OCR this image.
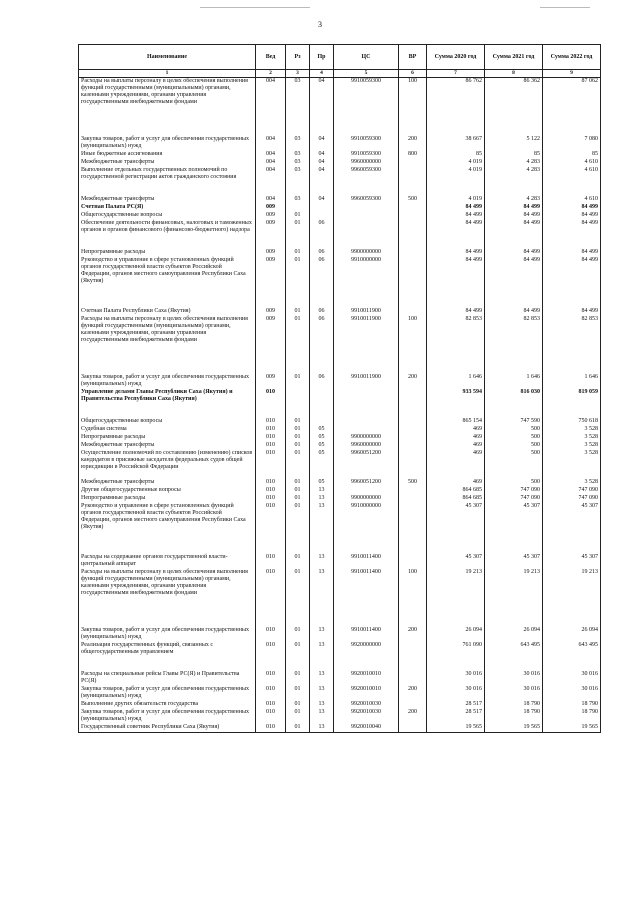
3
Наименование	Вед	Рз	Пр	ЦС	ВР	Сумма 2020 год	Сумма 2021 год	Сумма 2022 год
1	2	3	4	5	6	7	8	9
Расходы на выплаты персоналу в целях обеспечения выполнения функций государственными (муниципальными) органами, казенными учреждениями, органами управления государственными внебюджетными фондами	004	03	04	9910059300	100	86 762	86 362	87 062
Закупка товаров, работ и услуг для обеспечения государственных (муниципальных) нужд	004	03	04	9910059300	200	38 667	5 122	7 080
Иные бюджетные ассигнования	004	03	04	9910059300	800	85	85	85
Межбюджетные трансферты	004	03	04	9960000000		4 019	4 283	4 610
Выполнение отдельных государственных полномочий по государственной регистрации актов гражданского состояния	004	03	04	9960059300		4 019	4 283	4 610
Межбюджетные трансферты	004	03	04	9960059300	500	4 019	4 283	4 610
Счетная Палата РС(Я)	009					84 499	84 499	84 499
Общегосударственные вопросы	009	01				84 499	84 499	84 499
Обеспечение деятельности финансовых, налоговых и таможенных органов и органов финансового (финансово-бюджетного) надзора	009	01	06			84 499	84 499	84 499
Непрограммные расходы	009	01	06	9900000000		84 499	84 499	84 499
Руководство и управление в сфере установленных функций органов государственной власти субъектов Российской Федерации, органов местного самоуправления Республики Саха (Якутия)	009	01	06	9910000000		84 499	84 499	84 499
Счетная Палата Республики Саха (Якутия)	009	01	06	9910011900		84 499	84 499	84 499
Расходы на выплаты персоналу в целях обеспечения выполнения функций государственными (муниципальными) органами, казенными учреждениями, органами управления государственными внебюджетными фондами	009	01	06	9910011900	100	82 853	82 853	82 853
Закупка товаров, работ и услуг для обеспечения государственных (муниципальных) нужд	009	01	06	9910011900	200	1 646	1 646	1 646
Управление делами Главы Республики Саха (Якутия) и Правительства Республики Саха (Якутия)	010					933 594	816 030	819 059
Общегосударственные вопросы	010	01				865 154	747 590	750 618
Судебная система	010	01	05			469	500	3 528
Непрограммные расходы	010	01	05	9900000000		469	500	3 528
Межбюджетные трансферты	010	01	05	9960000000		469	500	3 528
Осуществление полномочий по составлению (изменению) списков кандидатов в присяжные заседатели федеральных судов общей юрисдикции в Российской Федерации	010	01	05	9960051200		469	500	3 528
Межбюджетные трансферты	010	01	05	9960051200	500	469	500	3 528
Другие общегосударственные вопросы	010	01	13			864 685	747 090	747 090
Непрограммные расходы	010	01	13	9900000000		864 685	747 090	747 090
Руководство и управление в сфере установленных функций органов государственной власти субъектов Российской Федерации, органов местного самоуправления Республики Саха (Якутия)	010	01	13	9910000000		45 307	45 307	45 307
Расходы на содержание органов государственной власти- центральный аппарат	010	01	13	9910011400		45 307	45 307	45 307
Расходы на выплаты персоналу в целях обеспечения выполнения функций государственными (муниципальными) органами, казенными учреждениями, органами управления государственными внебюджетными фондами	010	01	13	9910011400	100	19 213	19 213	19 213
Закупка товаров, работ и услуг для обеспечения государственных (муниципальных) нужд	010	01	13	9910011400	200	26 094	26 094	26 094
Реализация государственных функций, связанных с общегосударственным управлением	010	01	13	9920000000		761 090	643 495	643 495
Расходы на специальные рейсы Главы РС(Я) и Правительства РС(Я)	010	01	13	9920010010		30 016	30 016	30 016
Закупка товаров, работ и услуг для обеспечения государственных (муниципальных) нужд	010	01	13	9920010010	200	30 016	30 016	30 016
Выполнение других обязательств государства	010	01	13	9920010030		28 517	18 790	18 790
Закупка товаров, работ и услуг для обеспечения государственных (муниципальных) нужд	010	01	13	9920010030	200	28 517	18 790	18 790
Государственный советник Республики Саха (Якутия)	010	01	13	9920010040		19 565	19 565	19 565
